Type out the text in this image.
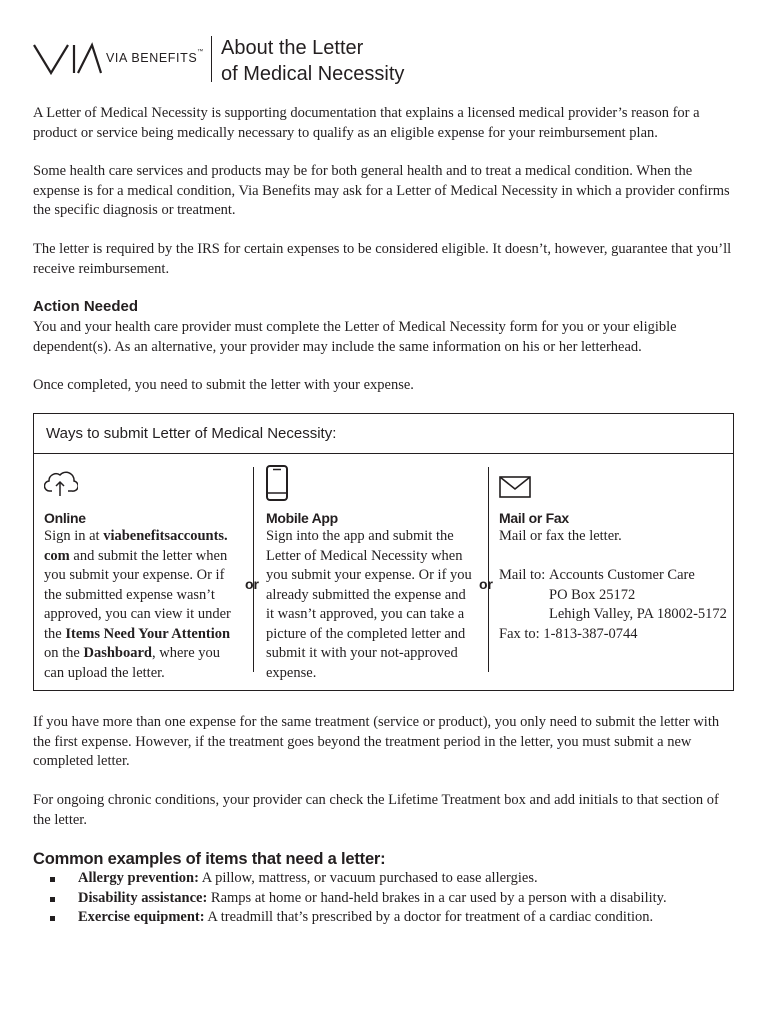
VIA BENEFITS™ About the Letter
of Medical Necessity

A Letter of Medical Necessity is supporting documentation that explains a licensed medical provider’s reason for a product or service being medically necessary to qualify as an eligible expense for your reimbursement plan.

Some health care services and products may be for both general health and to treat a medical condition. When the expense is for a medical condition, Via Benefits may ask for a Letter of Medical Necessity in which a provider confirms the specific diagnosis or treatment.

The letter is required by the IRS for certain expenses to be considered eligible. It doesn’t, however, guarantee that you’ll receive reimbursement.

Action Needed

You and your health care provider must complete the Letter of Medical Necessity form for you or your eligible dependent(s). As an alternative, your provider may include the same information on his or her letterhead.

Once completed, you need to submit the letter with your expense.

Ways to submit Letter of Medical Necessity:
Online
Sign in at viabenefitsaccounts. com and submit the letter when you submit your expense. Or if the submitted expense wasn’t approved, you can view it under the Items Need Your Attention on the Dashboard, where you can upload the letter.
or
Mobile App
Sign into the app and submit the Letter of Medical Necessity when you submit your expense. Or if you already submitted the expense and it wasn’t approved, you can take a picture of the completed letter and submit it with your not-approved expense.
or
Mail or Fax
Mail or fax the letter.
Mail to: Accounts Customer Care
PO Box 25172
Lehigh Valley, PA 18002-5172
Fax to: 1-813-387-0744

If you have more than one expense for the same treatment (service or product), you only need to submit the letter with the first expense. However, if the treatment goes beyond the treatment period in the letter, you must submit a new completed letter.

For ongoing chronic conditions, your provider can check the Lifetime Treatment box and add initials to that section of the letter.

Common examples of items that need a letter:
Allergy prevention: A pillow, mattress, or vacuum purchased to ease allergies.
Disability assistance: Ramps at home or hand-held brakes in a car used by a person with a disability.
Exercise equipment: A treadmill that’s prescribed by a doctor for treatment of a cardiac condition.
